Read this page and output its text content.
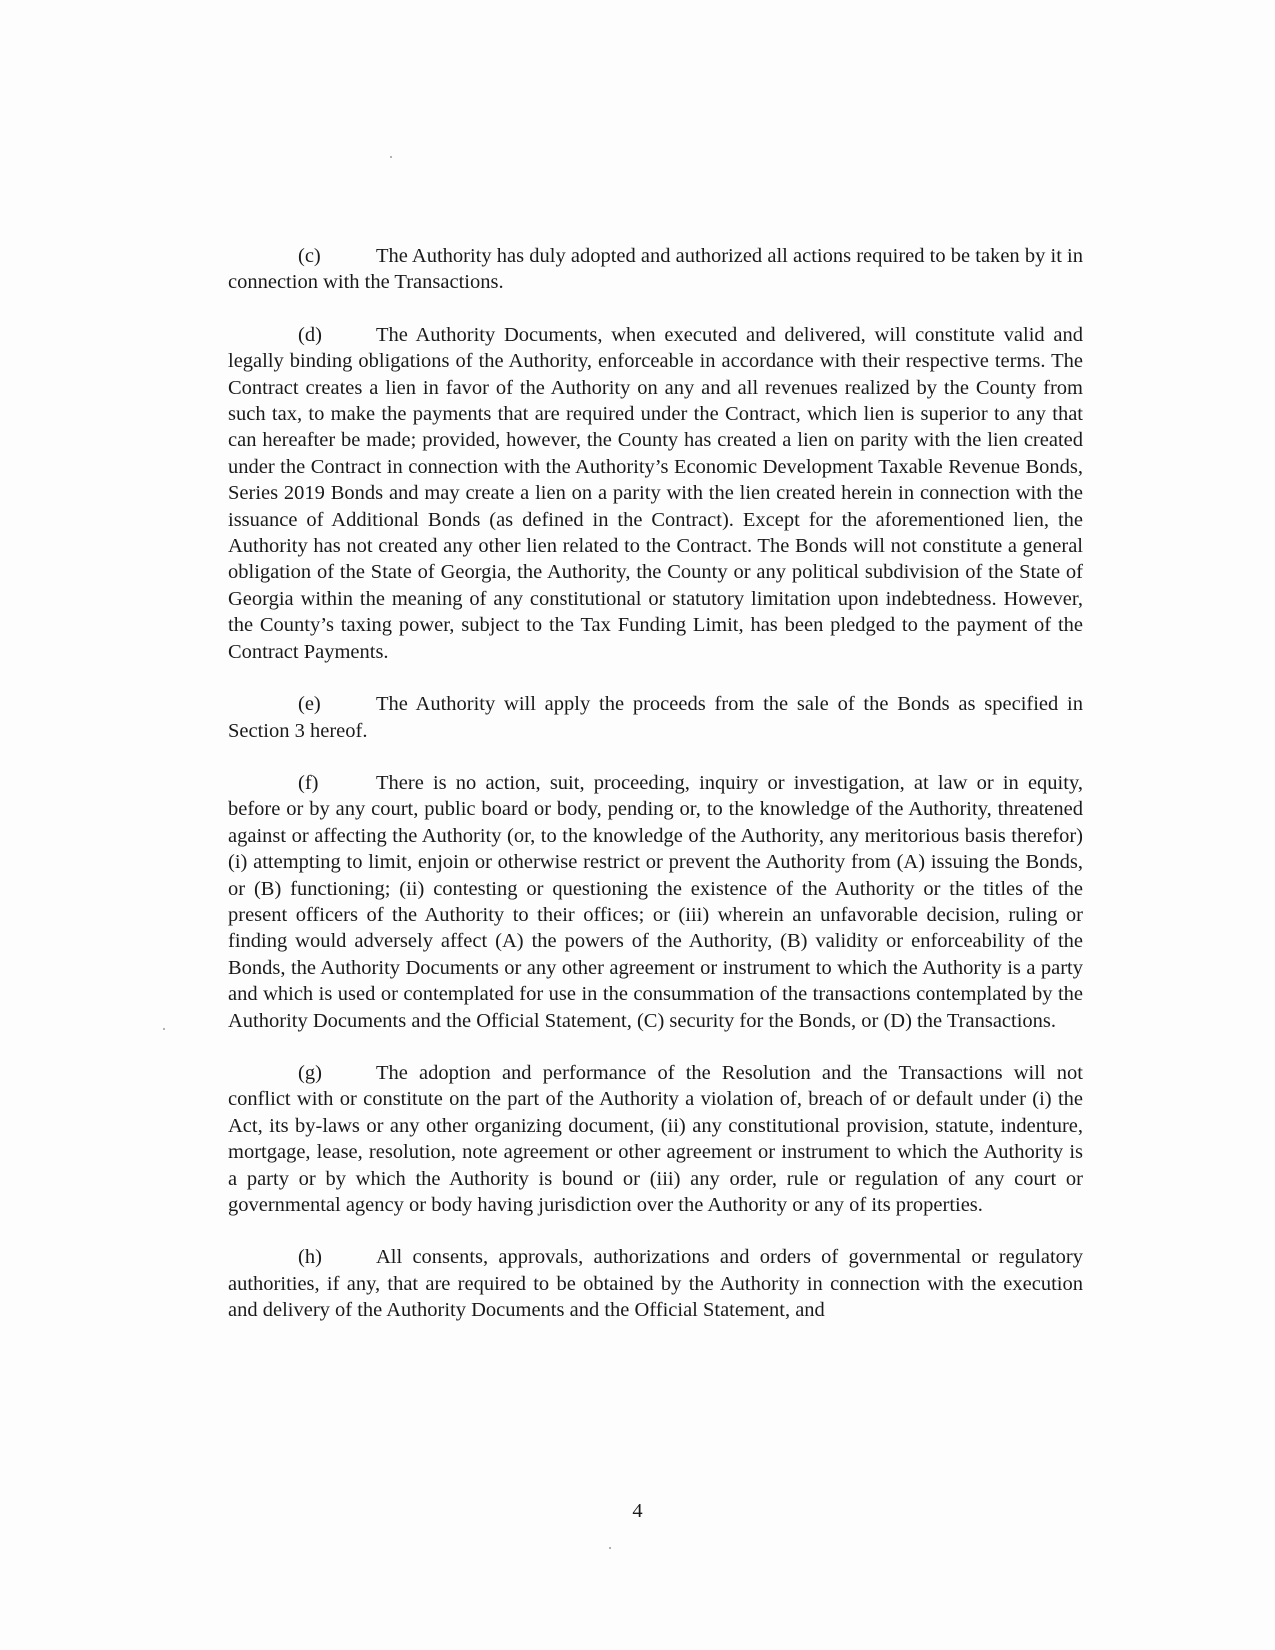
(c)	The Authority has duly adopted and authorized all actions required to be taken by it in connection with the Transactions.

(d)	The Authority Documents, when executed and delivered, will constitute valid and legally binding obligations of the Authority, enforceable in accordance with their respective terms. The Contract creates a lien in favor of the Authority on any and all revenues realized by the County from such tax, to make the payments that are required under the Contract, which lien is superior to any that can hereafter be made; provided, however, the County has created a lien on parity with the lien created under the Contract in connection with the Authority’s Economic Development Taxable Revenue Bonds, Series 2019 Bonds and may create a lien on a parity with the lien created herein in connection with the issuance of Additional Bonds (as defined in the Contract). Except for the aforementioned lien, the Authority has not created any other lien related to the Contract. The Bonds will not constitute a general obligation of the State of Georgia, the Authority, the County or any political subdivision of the State of Georgia within the meaning of any constitutional or statutory limitation upon indebtedness. However, the County’s taxing power, subject to the Tax Funding Limit, has been pledged to the payment of the Contract Payments.

(e)	The Authority will apply the proceeds from the sale of the Bonds as specified in Section 3 hereof.

(f)	There is no action, suit, proceeding, inquiry or investigation, at law or in equity, before or by any court, public board or body, pending or, to the knowledge of the Authority, threatened against or affecting the Authority (or, to the knowledge of the Authority, any meritorious basis therefor) (i) attempting to limit, enjoin or otherwise restrict or prevent the Authority from (A) issuing the Bonds, or (B) functioning; (ii) contesting or questioning the existence of the Authority or the titles of the present officers of the Authority to their offices; or (iii) wherein an unfavorable decision, ruling or finding would adversely affect (A) the powers of the Authority, (B) validity or enforceability of the Bonds, the Authority Documents or any other agreement or instrument to which the Authority is a party and which is used or contemplated for use in the consummation of the transactions contemplated by the Authority Documents and the Official Statement, (C) security for the Bonds, or (D) the Transactions.

(g)	The adoption and performance of the Resolution and the Transactions will not conflict with or constitute on the part of the Authority a violation of, breach of or default under (i) the Act, its by-laws or any other organizing document, (ii) any constitutional provision, statute, indenture, mortgage, lease, resolution, note agreement or other agreement or instrument to which the Authority is a party or by which the Authority is bound or (iii) any order, rule or regulation of any court or governmental agency or body having jurisdiction over the Authority or any of its properties.

(h)	All consents, approvals, authorizations and orders of governmental or regulatory authorities, if any, that are required to be obtained by the Authority in connection with the execution and delivery of the Authority Documents and the Official Statement, and

4
